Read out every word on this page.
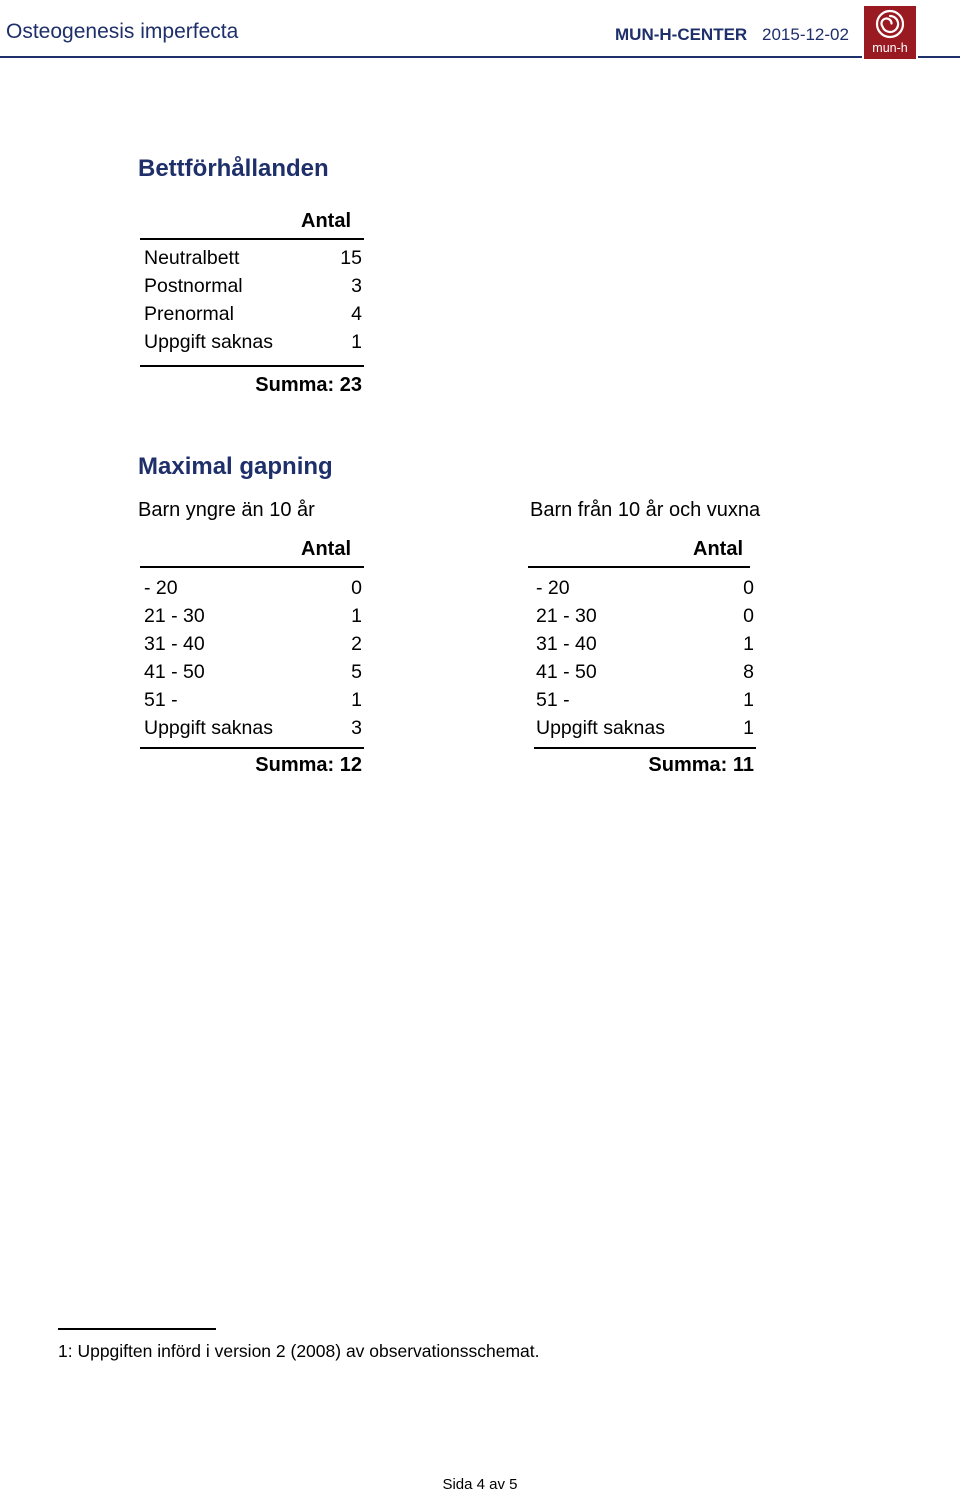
Osteogenesis imperfecta	MUN-H-CENTER 2015-12-02
mun-h
Bettförhållanden
Antal
Neutralbett	15
Postnormal	3
Prenormal	4
Uppgift saknas	1
Summa: 23
Maximal gapning
Barn yngre än 10 år	Barn från 10 år och vuxna
Antal
- 20	0
21 - 30	1
31 - 40	2
41 - 50	5
51 -	1
Uppgift saknas	3
Summa: 12
Antal
- 20	0
21 - 30	0
31 - 40	1
41 - 50	8
51 -	1
Uppgift saknas	1
Summa: 11
1: Uppgiften införd i version 2 (2008) av observationsschemat.
Sida 4 av 5
